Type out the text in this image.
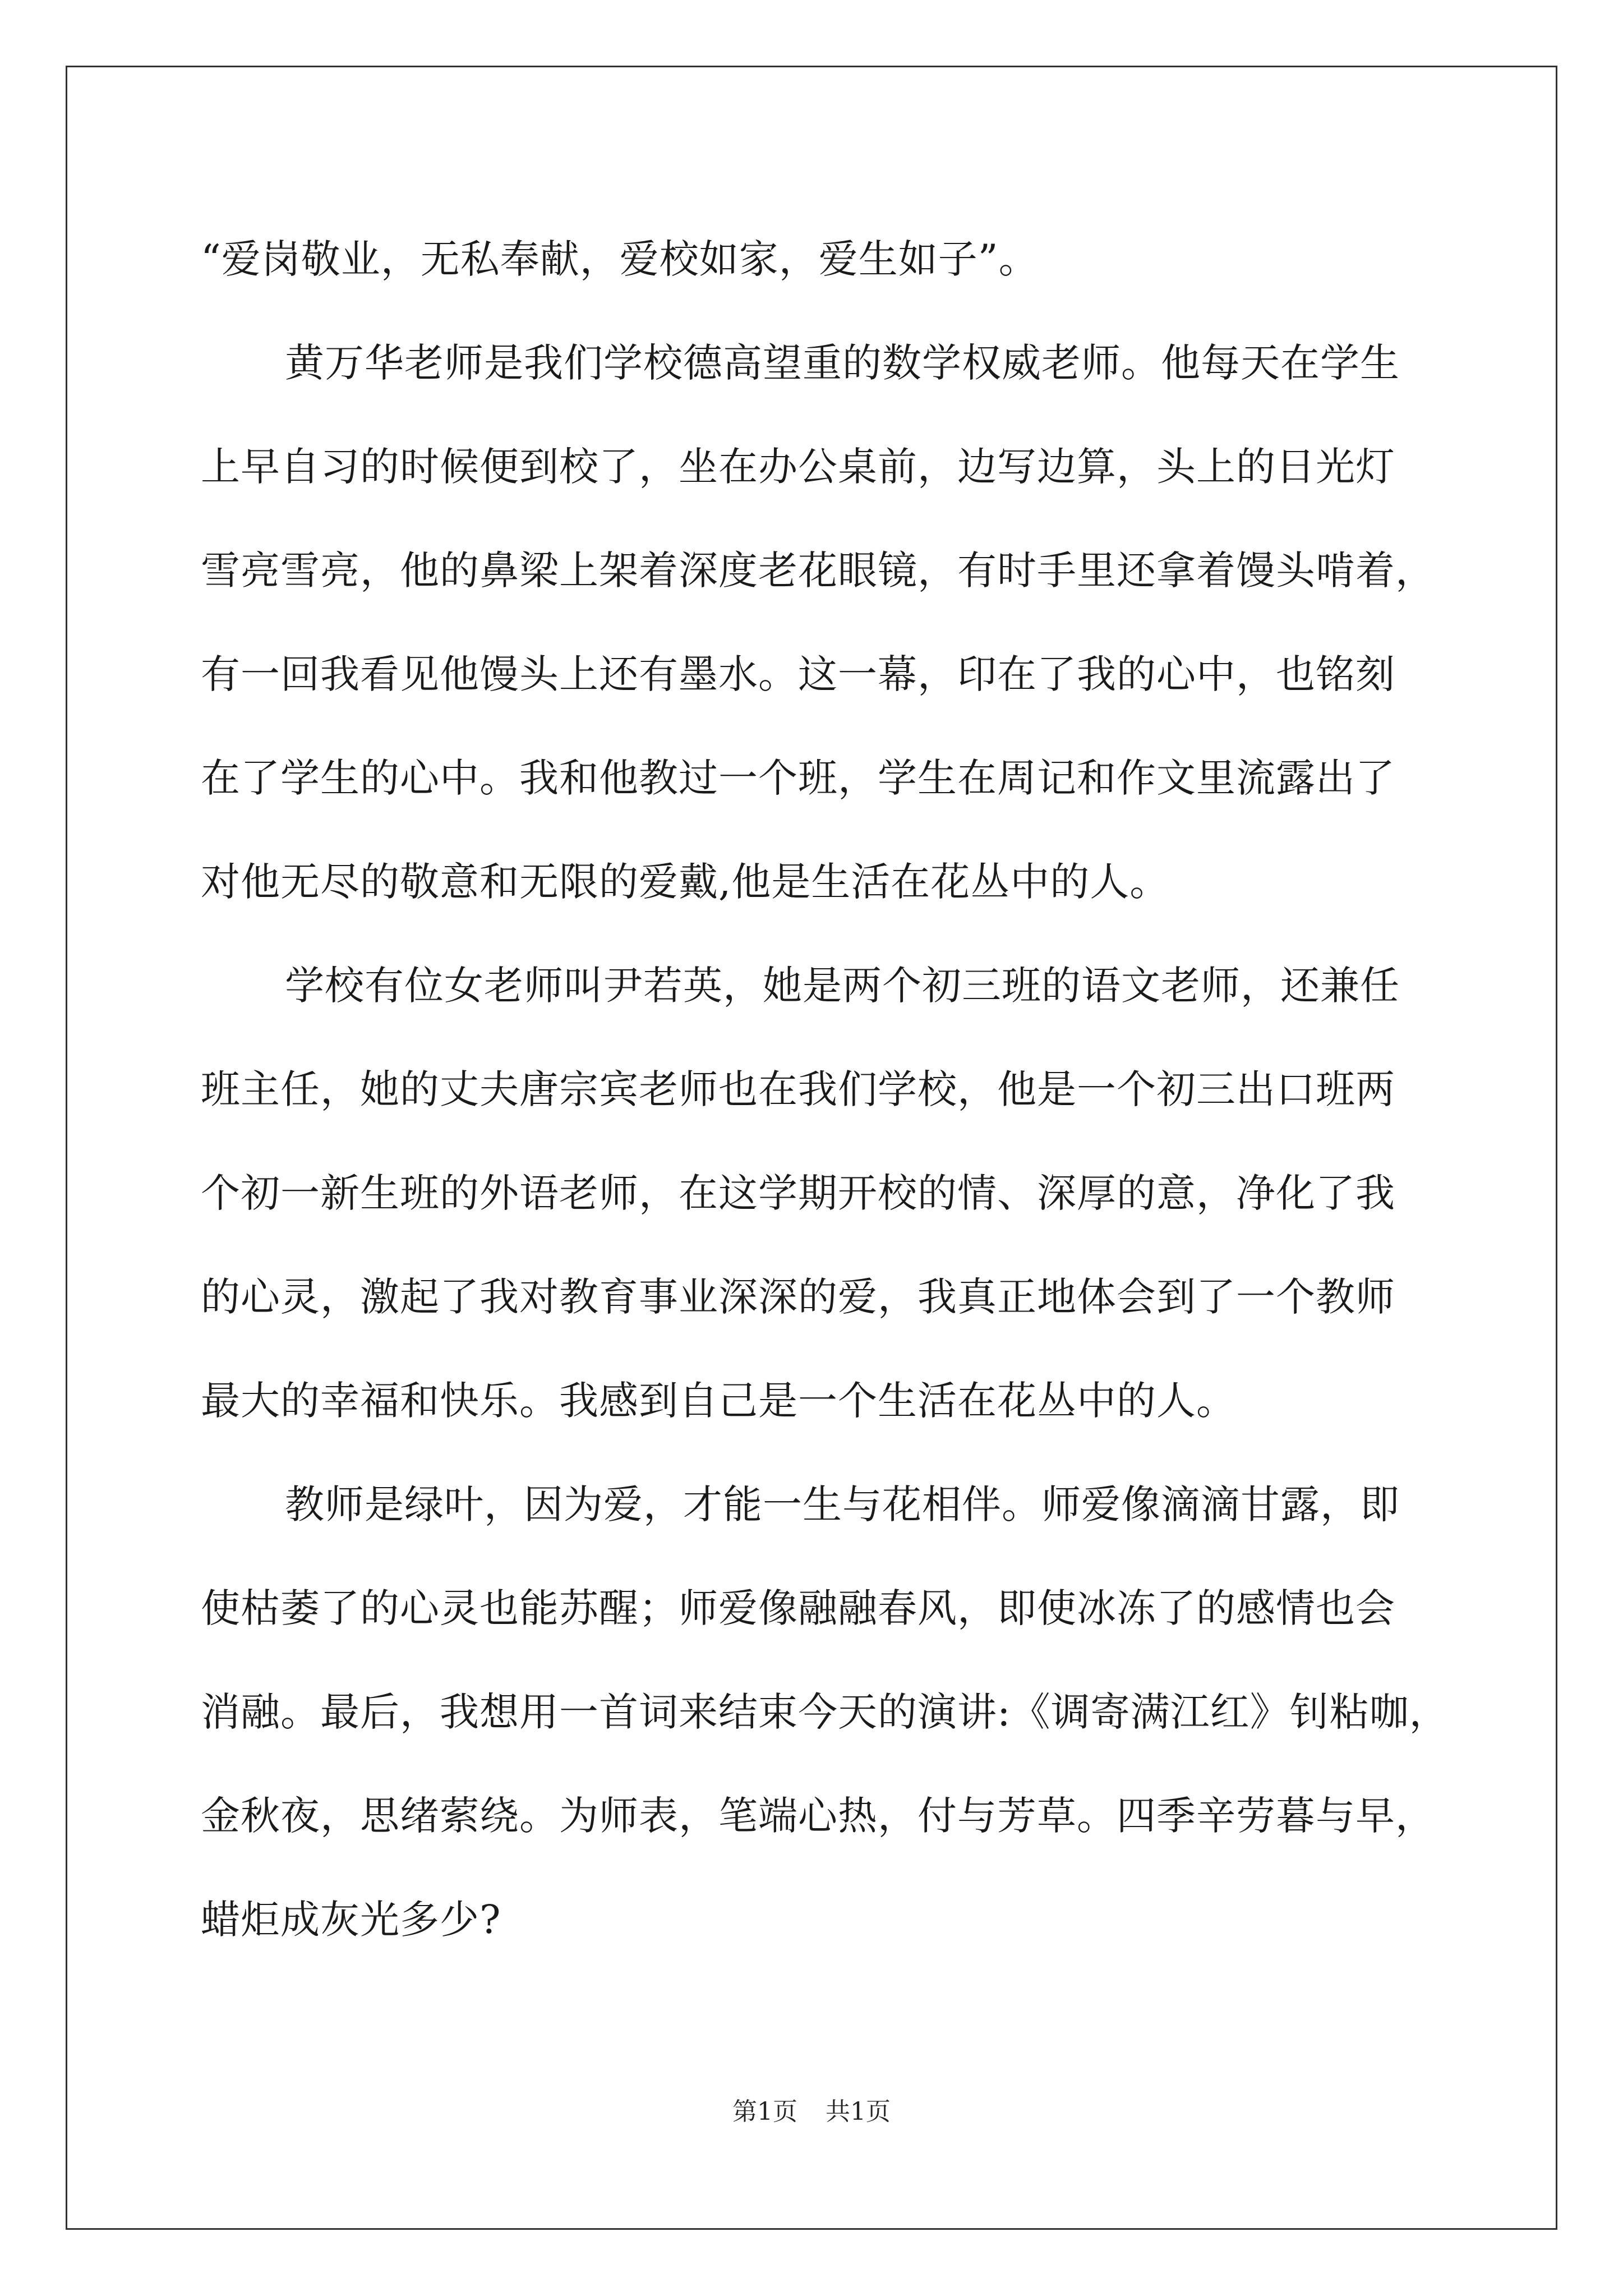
“爱岗敬业，无私奉献，爱校如家，爱生如子”。
黄万华老师是我们学校德高望重的数学权威老师。他每天在学生
上早自习的时候便到校了，坐在办公桌前，边写边算，头上的日光灯
雪亮雪亮，他的鼻梁上架着深度老花眼镜，有时手里还拿着馒头啃着，
有一回我看见他馒头上还有墨水。这一幕，印在了我的心中，也铭刻
在了学生的心中。我和他教过一个班，学生在周记和作文里流露出了
对他无尽的敬意和无限的爱戴,他是生活在花丛中的人。
学校有位女老师叫尹若英，她是两个初三班的语文老师，还兼任
班主任，她的丈夫唐宗宾老师也在我们学校，他是一个初三出口班两
个初一新生班的外语老师，在这学期开校的情、深厚的意，净化了我
的心灵，激起了我对教育事业深深的爱，我真正地体会到了一个教师
最大的幸福和快乐。我感到自己是一个生活在花丛中的人。
教师是绿叶，因为爱，才能一生与花相伴。师爱像滴滴甘露，即
使枯萎了的心灵也能苏醒；师爱像融融春风，即使冰冻了的感情也会
消融。最后，我想用一首词来结束今天的演讲:《调寄满江红》钊粘咖，
金秋夜，思绪萦绕。为师表，笔端心热，付与芳草。四季辛劳暮与早，
蜡炬成灰光多少?
第1页 共1页
